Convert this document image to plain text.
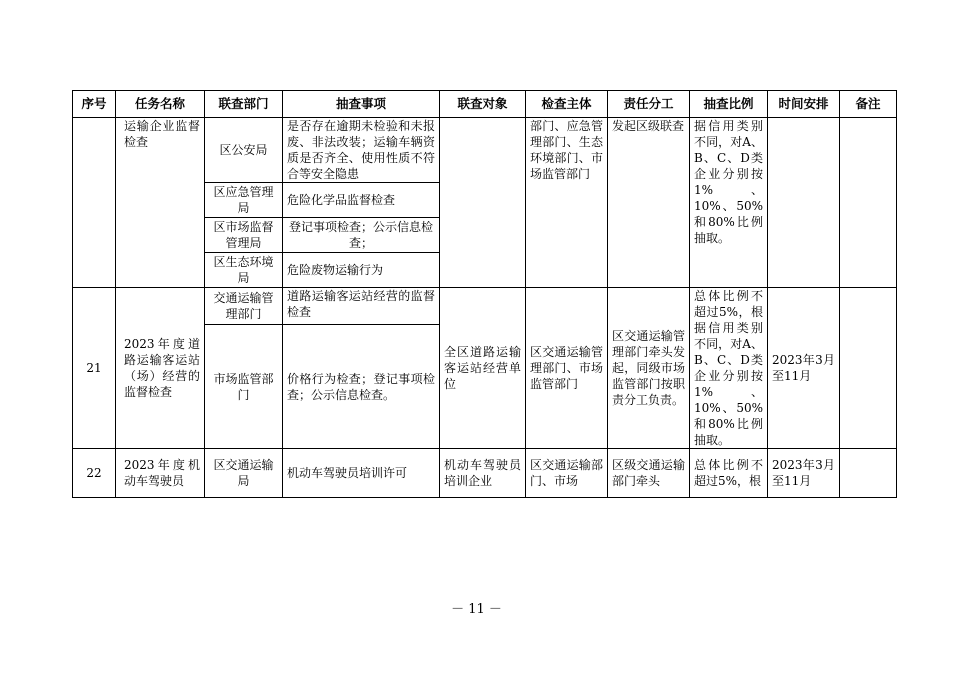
序号	任务名称	联查部门	抽查事项	联查对象	检查主体	责任分工	抽查比例	时间安排	备注
	运输企业监督检查	区公安局	是否存在逾期未检验和未报废、非法改装；运输车辆资质是否齐全、使用性质不符合等安全隐患		部门、应急管理部门、生态环境部门、市场监管部门	发起区级联查	据信用类别不同，对A、B、C、D类企业分别按1%、10%、50%和80%比例抽取。		
		区应急管理局	危险化学品监督检查						
		区市场监督管理局	登记事项检查；公示信息检查；						
		区生态环境局	危险废物运输行为						
21	2023年度道路运输客运站（场）经营的监督检查	交通运输管理部门	道路运输客运站经营的监督检查	全区道路运输客运站经营单位	区交通运输管理部门、市场监管部门	区交通运输管理部门牵头发起，同级市场监管部门按职责分工负责。	总体比例不超过5%，根据信用类别不同，对A、B、C、D类企业分别按1%、10%、50%和80%比例抽取。	2023年3月至11月	
		市场监管部门	价格行为检查；登记事项检查；公示信息检查。						
22	2023年度机动车驾驶员	区交通运输局	机动车驾驶员培训许可	机动车驾驶员培训企业	区交通运输部门、市场	区级交通运输部门牵头	总体比例不超过5%，根	2023年3月至11月	
－ 11 －
